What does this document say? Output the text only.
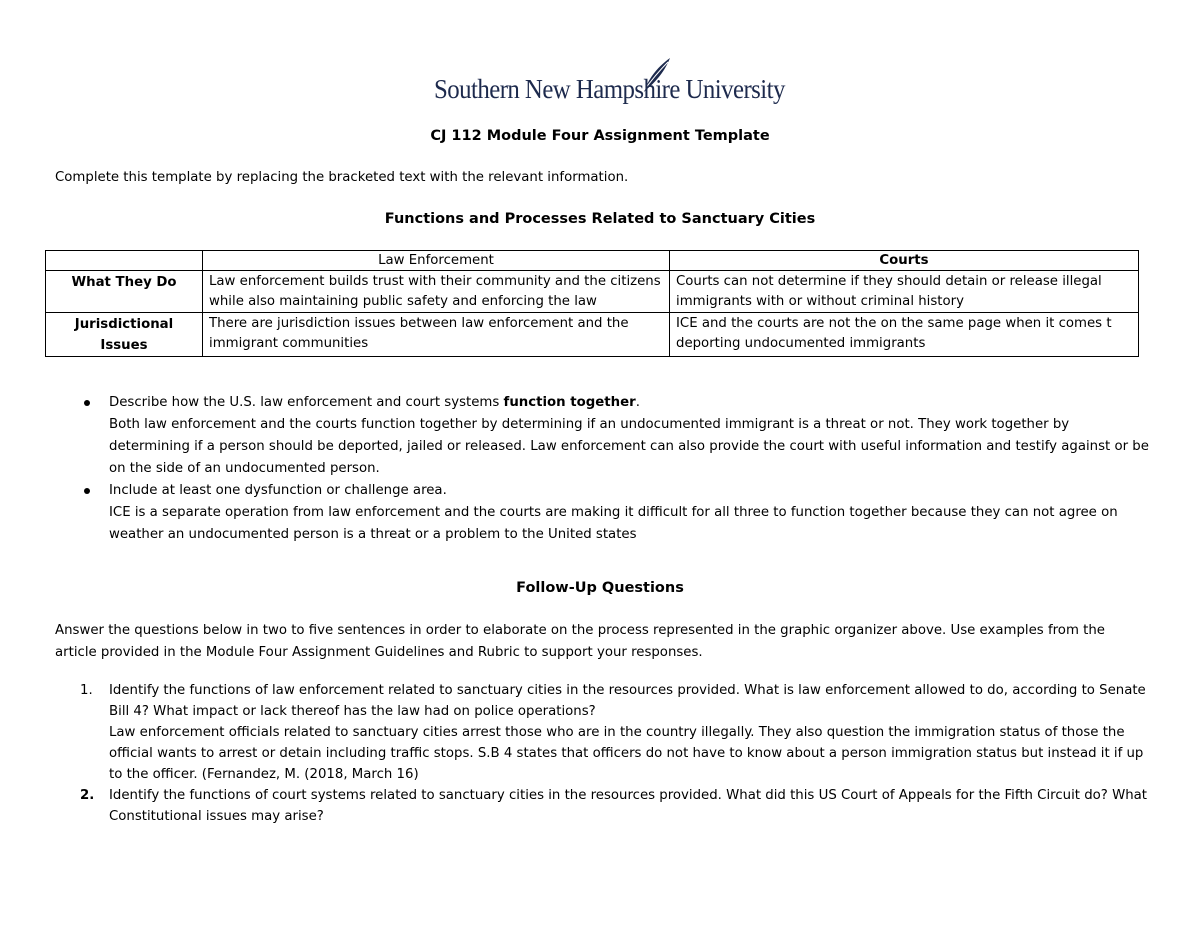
Southern New Hampshire University
CJ 112 Module Four Assignment Template
Complete this template by replacing the bracketed text with the relevant information.
Functions and Processes Related to Sanctuary Cities
	Law Enforcement	Courts
What They Do	Law enforcement builds trust with their community and the citizens while also maintaining public safety and enforcing the law	Courts can not determine if they should detain or release illegal immigrants with or without criminal history
Jurisdictional Issues	There are jurisdiction issues between law enforcement and the immigrant communities	ICE and the courts are not the on the same page when it comes t deporting undocumented immigrants
Describe how the U.S. law enforcement and court systems function together.
Both law enforcement and the courts function together by determining if an undocumented immigrant is a threat or not. They work together by determining if a person should be deported, jailed or released. Law enforcement can also provide the court with useful information and testify against or be on the side of an undocumented person.
Include at least one dysfunction or challenge area.
ICE is a separate operation from law enforcement and the courts are making it difficult for all three to function together because they can not agree on weather an undocumented person is a threat or a problem to the United states
Follow-Up Questions
Answer the questions below in two to five sentences in order to elaborate on the process represented in the graphic organizer above. Use examples from the article provided in the Module Four Assignment Guidelines and Rubric to support your responses.
1. Identify the functions of law enforcement related to sanctuary cities in the resources provided. What is law enforcement allowed to do, according to Senate Bill 4? What impact or lack thereof has the law had on police operations?
Law enforcement officials related to sanctuary cities arrest those who are in the country illegally. They also question the immigration status of those the official wants to arrest or detain including traffic stops. S.B 4 states that officers do not have to know about a person immigration status but instead it if up to the officer. (Fernandez, M. (2018, March 16)
2. Identify the functions of court systems related to sanctuary cities in the resources provided. What did this US Court of Appeals for the Fifth Circuit do? What Constitutional issues may arise?
